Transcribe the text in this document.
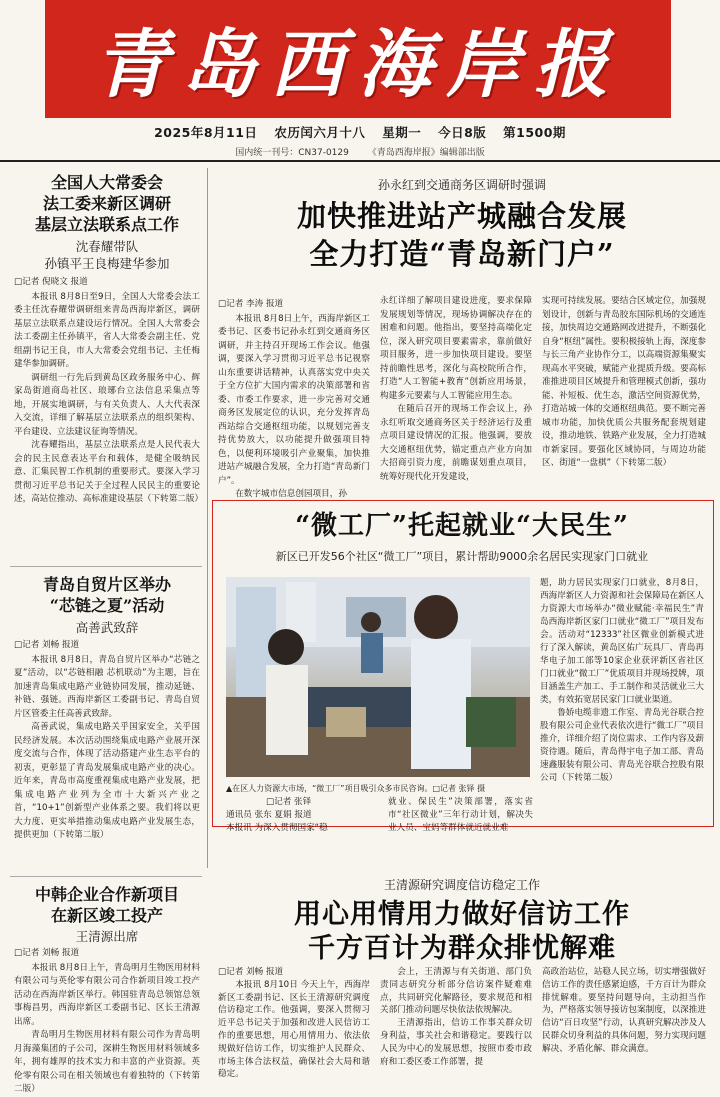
青岛西海岸报
2025年8月11日 农历闰六月十八 星期一 今日8版 第1500期
国内统一刊号：CN37-0129 《青岛西海岸报》编辑部出版
全国人大常委会
法工委来新区调研
基层立法联系点工作
沈春耀带队
孙镇平王良梅建华参加
□记者 倪晓文 报道

本报讯 8月8日至9日，全国人大常委会法工委主任沈春耀带调研组来青岛西海岸新区，调研基层立法联系点建设运行情况。全国人大常委会法工委副主任孙镇平，省人大常委会副主任、党组副书记王良，市人大常委会党组书记、主任梅建华参加调研。

调研组一行先后到黄岛区政务服务中心、辉家岛街道商岛社区、琅琊台立法信息采集点等地，开展实地调研，与有关负责人、人大代表深入交流，详细了解基层立法联系点的组织架构、平台建设、立法建议征询等情况。

沈春耀指出，基层立法联系点是人民代表大会的民主民意表达平台和载体，是健全吸纳民意、汇集民智工作机制的重要形式。要深入学习贯彻习近平总书记关于全过程人民民主的重要论述，高站位推动、高标准建设基层（下转第二版）

青岛自贸片区举办
“芯链之夏”活动
高善武致辞
□记者 刘畅 报道

本报讯 8月8日，青岛自贸片区举办“芯链之夏”活动，以“芯链相融 芯机联动”为主题，旨在加速青岛集成电路产业链协同发展，推动延链、补链、强链。西海岸新区工委副书记、青岛自贸片区管委主任高善武致辞。

高善武说，集成电路关乎国家安全，关乎国民经济发展。本次活动围绕集成电路产业展开深度交流与合作，体现了活动搭建产业生态平台的初衷，更彰显了青岛发展集成电路产业的决心。近年来，青岛市高度重视集成电路产业发展，把集成电路产业列为全市十大新兴产业之首，“10+1”创新型产业体系之要。我们将以更大力度、更实举措推动集成电路产业发展生态，提供更加（下转第二版）

中韩企业合作新项目
在新区竣工投产
王清源出席
□记者 刘畅 报道

本报讯 8月8日上午，青岛明月生物医用材料有限公司与英伦零有限公司合作新项目竣工投产活动在西海岸新区举行。韩国驻青岛总领馆总领事梅昌男，西海岸新区工委副书记、区长王清源出席。

青岛明月生物医用材料有限公司作为青岛明月海藻集团的子公司，深耕生物医用材料领域多年，拥有雄厚的技术实力和丰富的产业资源。英伦零有限公司在相关领域也有着独特的（下转第二版）

孙永红到交通商务区调研时强调
加快推进站产城融合发展
全力打造“青岛新门户”
□记者 李涛 报道

本报讯 8月8日上午，西海岸新区工委书记、区委书记孙永红到交通商务区调研，并主持召开现场工作会议。他强调，要深入学习贯彻习近平总书记视察山东重要讲话精神，认真落实党中央关于全方位扩大国内需求的决策部署和省委、市委工作要求，进一步完善对交通商务区发展定位的认识，充分发挥青岛西站综合交通枢纽功能，以规划完善支持优势放大，以功能提升做强项目特色，以便利环境吸引产业聚集，加快推进站产城融合发展，全力打造“青岛新门户”。

在数字城市信息创园项目，孙

永红详细了解项目建设进度，要求保障发展规划等情况，现场协调解决存在的困难和问题。他指出，要坚持高端化定位，深入研究项目要素需求，靠前做好项目服务，进一步加快项目建设。要坚持前瞻性思考，深化与高校院所合作，打造“人工智能+教育”创新应用场景，构建多元要素与人工智能应用生态。

在随后召开的现场工作会议上，孙永红听取交通商务区关于经济运行及重点项目建设情况的汇报。他强调，要放大交通枢纽优势，锚定重点产业方向加大招商引资力度，前瞻谋划重点项目，统筹好现代化开发建设，

实现可持续发展。要结合区域定位，加强规划设计，创新与青岛胶东国际机场的交通连接，加快周边交通路网改进提升，不断强化自身“枢纽”属性。要积极接轨上海，深度参与长三角产业协作分工，以高端资源集聚实现高水平突破，赋能产业提质升级。要高标准推进项目区域提升和管理模式创新，强功能、补短板、优生态，激活空间资源优势，打造站城一体的交通枢纽典范。要不断完善城市功能，加快优质公共服务配套规划建设，推动地铁、铁路产业发展，全力打造城市新家园。要强化区域协同，与周边功能区、街道“一盘棋”（下转第二版）

“微工厂”托起就业“大民生”
新区已开发56个社区“微工厂”项目，累计帮助9000余名居民实现家门口就业
▲在区人力资源大市场，“微工厂”项目吸引众多市民咨询。□记者 张铎 摄
□记者 张铎
通讯员 张东 夏娟 报道
本报讯 为深入贯彻国家“稳

就业、保民生”决策部署，落实省市“社区微业”三年行动计划，解决失业人员、宝妈等群体就近就业难

题，助力居民实现家门口就业，8月8日，西海岸新区人力资源和社会保障局在新区人力资源大市场举办“微业赋能·幸福民生”青岛西海岸新区家门口就业“微工厂”项目发布会。活动对“12333”社区微业创新模式进行了深入解读，黄岛区佑广玩具厂、青岛再华电子加工部等10家企业获评新区省社区门口就业“微工厂”优质项目并现场授牌，项目涵盖生产加工、手工制作和灵活就业三大类，有效拓宽居民家门口就业渠道。

鲁娇电缆非遗工作室、青岛光谷联合控股有限公司企业代表依次进行“微工厂”项目推介，详细介绍了岗位需求、工作内容及薪资待遇。随后，青岛得宇电子加工部、青岛速鑫服装有限公司、青岛光谷联合控股有限公司（下转第二版）

王清源研究调度信访稳定工作
用心用情用力做好信访工作
千方百计为群众排忧解难
□记者 刘畅 报道

本报讯 8月10日 今天上午，西海岸新区工委副书记、区长王清源研究调度信访稳定工作。他强调，要深入贯彻习近平总书记关于加强和改进人民信访工作的重要思想，用心用情用力、依法依规做好信访工作，切实维护人民群众、市场主体合法权益，确保社会大局和谐稳定。

会上，王清源与有关街道、部门负责同志研究分析部分信访案件疑难难点，共同研究化解路径，要求规范和相关部门推动问题尽快依法依规解决。

王清源指出，信访工作事关群众切身利益，事关社会和谐稳定。要践行以人民为中心的发展思想，按照市委市政府和工委区委工作部署，提

高政治站位，站稳人民立场，切实增强做好信访工作的责任感紧迫感，千方百计为群众排忧解难。要坚持问题导向，主动担当作为，严格落实领导接访包案制度，以深推进信访“百日攻坚”行动，认真研究解决涉及人民群众切身利益的具体问题，努力实现问题解决、矛盾化解、群众满意。
